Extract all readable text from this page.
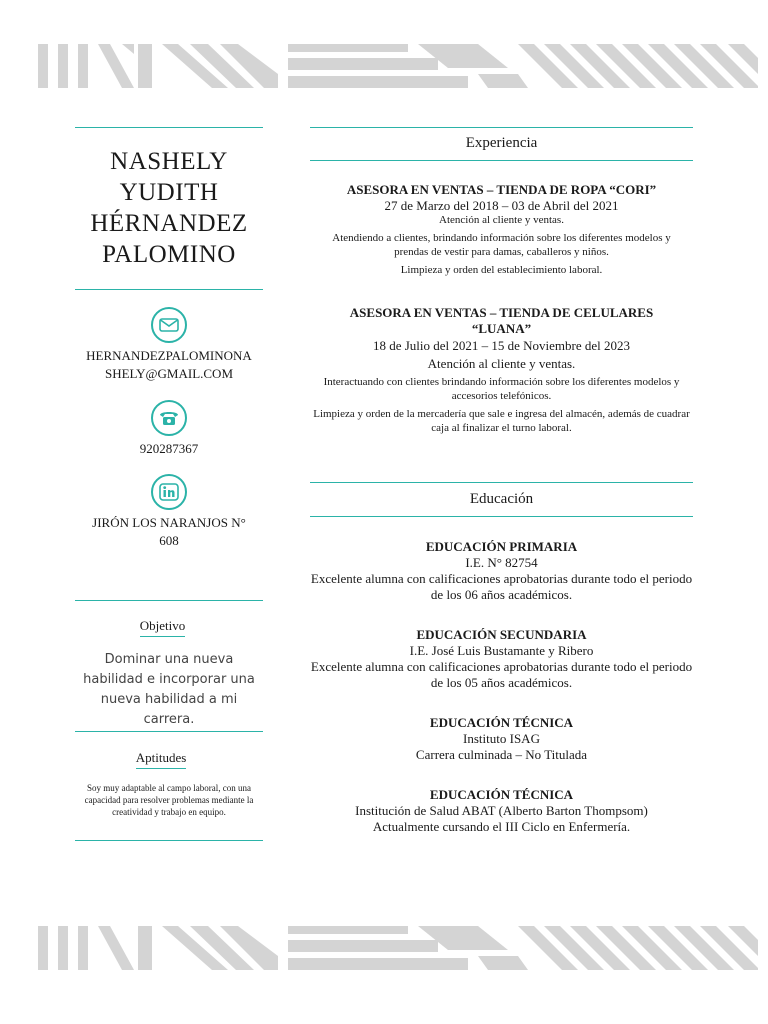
NASHELY
YUDITH
HÉRNANDEZ
PALOMINO
HERNANDEZPALOMINONA
SHELY@GMAIL.COM
920287367
JIRÓN LOS NARANJOS N°
608
Objetivo
Dominar una nueva habilidad e incorporar una nueva habilidad a mi carrera.
Aptitudes
Soy muy adaptable al campo laboral, con una capacidad para resolver problemas mediante la creatividad y trabajo en equipo.
Experiencia
ASESORA EN VENTAS – TIENDA DE ROPA “CORI”
27 de Marzo del 2018 – 03 de Abril del 2021
Atención al cliente y ventas.
Atendiendo a clientes, brindando información sobre los diferentes modelos y prendas de vestir para damas, caballeros y niños.
Limpieza y orden del establecimiento laboral.
ASESORA EN VENTAS – TIENDA DE CELULARES “LUANA”
18 de Julio del 2021 – 15 de Noviembre del 2023
Atención al cliente y ventas.
Interactuando con clientes brindando información sobre los diferentes modelos y accesorios telefónicos.
Limpieza y orden de la mercadería que sale e ingresa del almacén, además de cuadrar caja al finalizar el turno laboral.
Educación
EDUCACIÓN PRIMARIA
I.E. N° 82754
Excelente alumna con calificaciones aprobatorias durante todo el periodo de los 06 años académicos.
EDUCACIÓN SECUNDARIA
I.E. José Luis Bustamante y Ribero
Excelente alumna con calificaciones aprobatorias durante todo el periodo de los 05 años académicos.
EDUCACIÓN TÉCNICA
Instituto ISAG
Carrera culminada – No Titulada
EDUCACIÓN TÉCNICA
Institución de Salud ABAT (Alberto Barton Thompsom)
Actualmente cursando el III Ciclo en Enfermería.
